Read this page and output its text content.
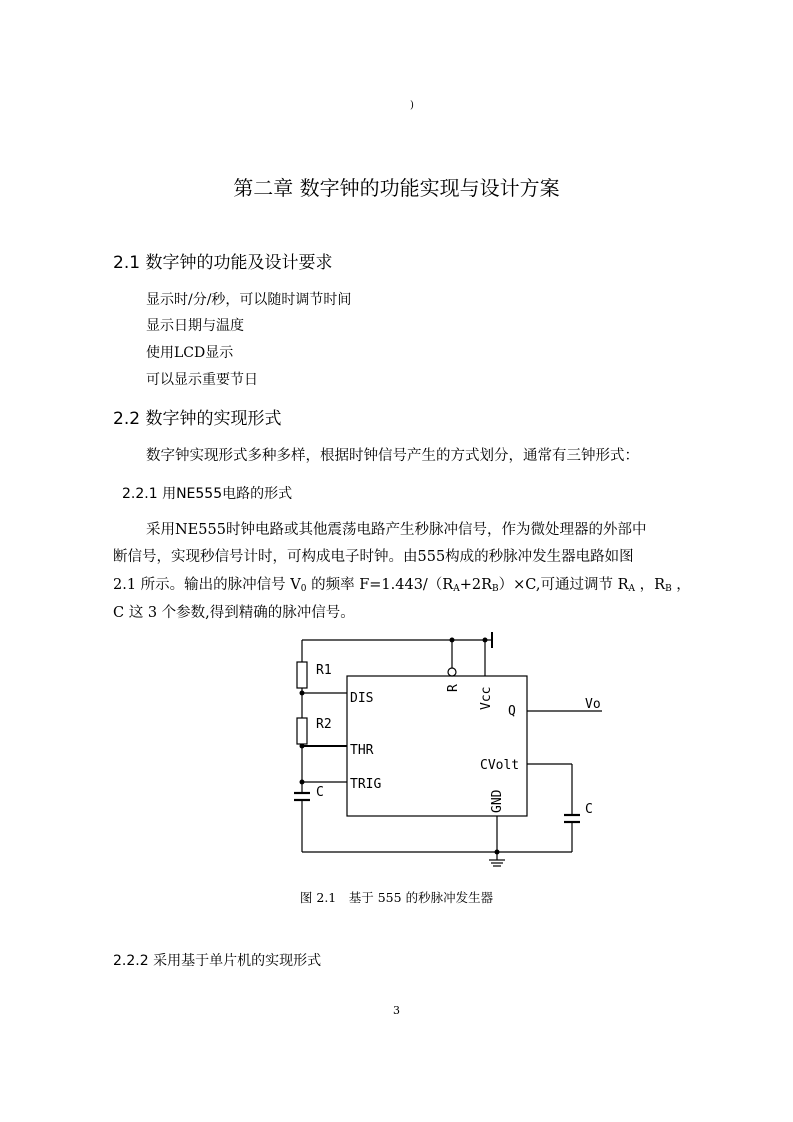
)
第二章 数字钟的功能实现与设计方案
2.1 数字钟的功能及设计要求
显示时/分/秒，可以随时调节时间
显示日期与温度
使用LCD显示
可以显示重要节日
2.2 数字钟的实现形式
数字钟实现形式多种多样，根据时钟信号产生的方式划分，通常有三钟形式：
2.2.1 用NE555电路的形式
采用NE555时钟电路或其他震荡电路产生秒脉冲信号，作为微处理器的外部中
断信号，实现秒信号计时，可构成电子时钟。由555构成的秒脉冲发生器电路如图
2.1 所示。输出的脉冲信号 $V_0$ 的频率 $F=1.443/(R_A+2R_B)\times C$,可通过调节 $R_A$ ，$R_B$ ，
C 这 3 个参数,得到精确的脉冲信号。
R1
R2
C
DIS
THR
TRIG
R Vcc
Q
CVolt
GND
Vo
C
图 2.1　基于 555 的秒脉冲发生器
2.2.2 采用基于单片机的实现形式
3
